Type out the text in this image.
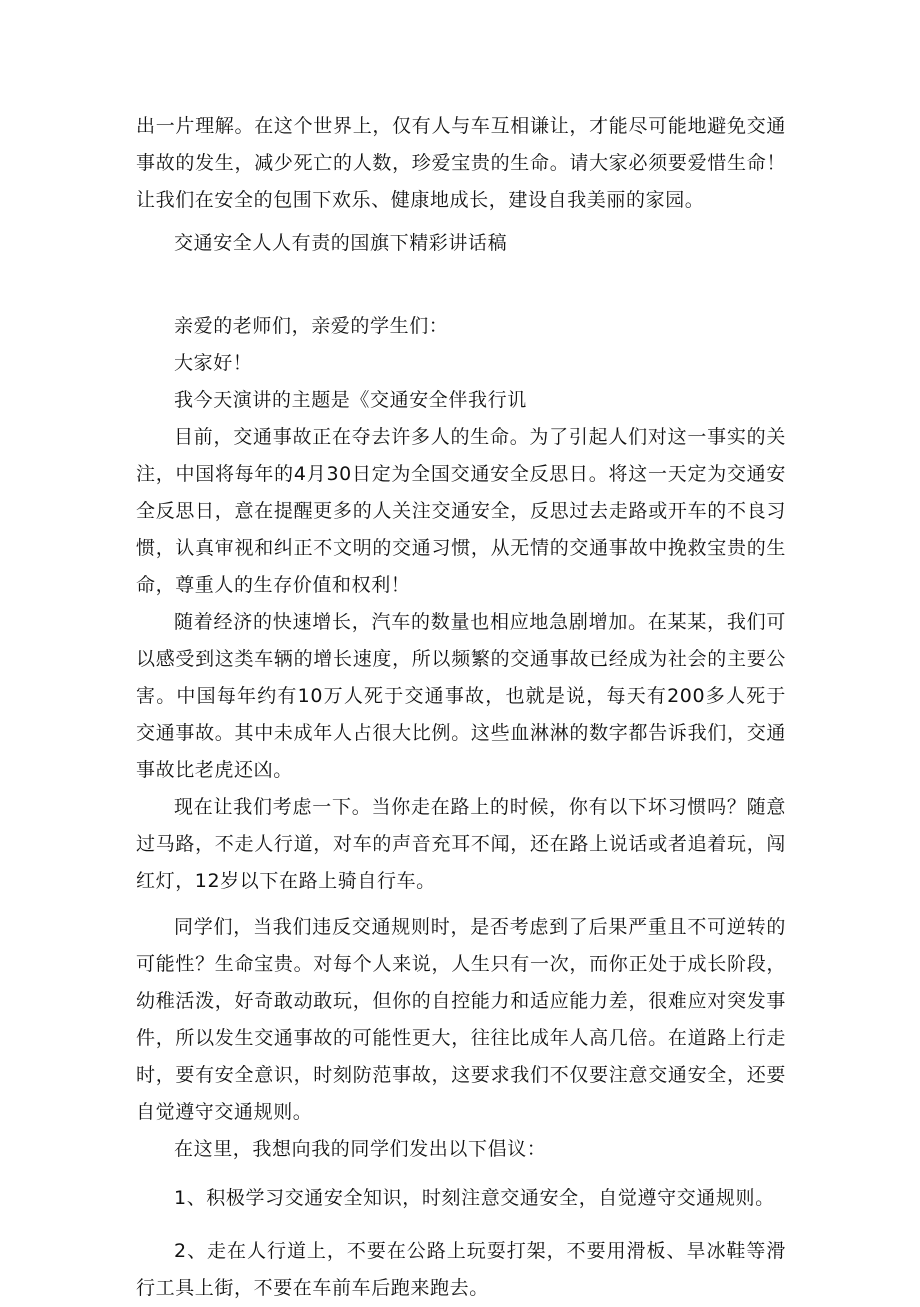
出一片理解。在这个世界上，仅有人与车互相谦让，才能尽可能地避免交通事故的发生，减少死亡的人数，珍爱宝贵的生命。请大家必须要爱惜生命！让我们在安全的包围下欢乐、健康地成长，建设自我美丽的家园。

交通安全人人有责的国旗下精彩讲话稿

亲爱的老师们，亲爱的学生们：

大家好！

我今天演讲的主题是《交通安全伴我行讥

目前，交通事故正在夺去许多人的生命。为了引起人们对这一事实的关注，中国将每年的4月30日定为全国交通安全反思日。将这一天定为交通安全反思日，意在提醒更多的人关注交通安全，反思过去走路或开车的不良习惯，认真审视和纠正不文明的交通习惯，从无情的交通事故中挽救宝贵的生命，尊重人的生存价值和权利！

随着经济的快速增长，汽车的数量也相应地急剧增加。在某某，我们可以感受到这类车辆的增长速度，所以频繁的交通事故已经成为社会的主要公害。中国每年约有10万人死于交通事故，也就是说，每天有200多人死于交通事故。其中未成年人占很大比例。这些血淋淋的数字都告诉我们，交通事故比老虎还凶。

现在让我们考虑一下。当你走在路上的时候，你有以下坏习惯吗？随意过马路，不走人行道，对车的声音充耳不闻，还在路上说话或者追着玩，闯红灯，12岁以下在路上骑自行车。

同学们，当我们违反交通规则时，是否考虑到了后果严重且不可逆转的可能性？生命宝贵。对每个人来说，人生只有一次，而你正处于成长阶段，幼稚活泼，好奇敢动敢玩，但你的自控能力和适应能力差，很难应对突发事件，所以发生交通事故的可能性更大，往往比成年人高几倍。在道路上行走时，要有安全意识，时刻防范事故，这要求我们不仅要注意交通安全，还要自觉遵守交通规则。

在这里，我想向我的同学们发出以下倡议：

1、积极学习交通安全知识，时刻注意交通安全，自觉遵守交通规则。

2、走在人行道上，不要在公路上玩耍打架，不要用滑板、旱冰鞋等滑行工具上街，不要在车前车后跑来跑去。
